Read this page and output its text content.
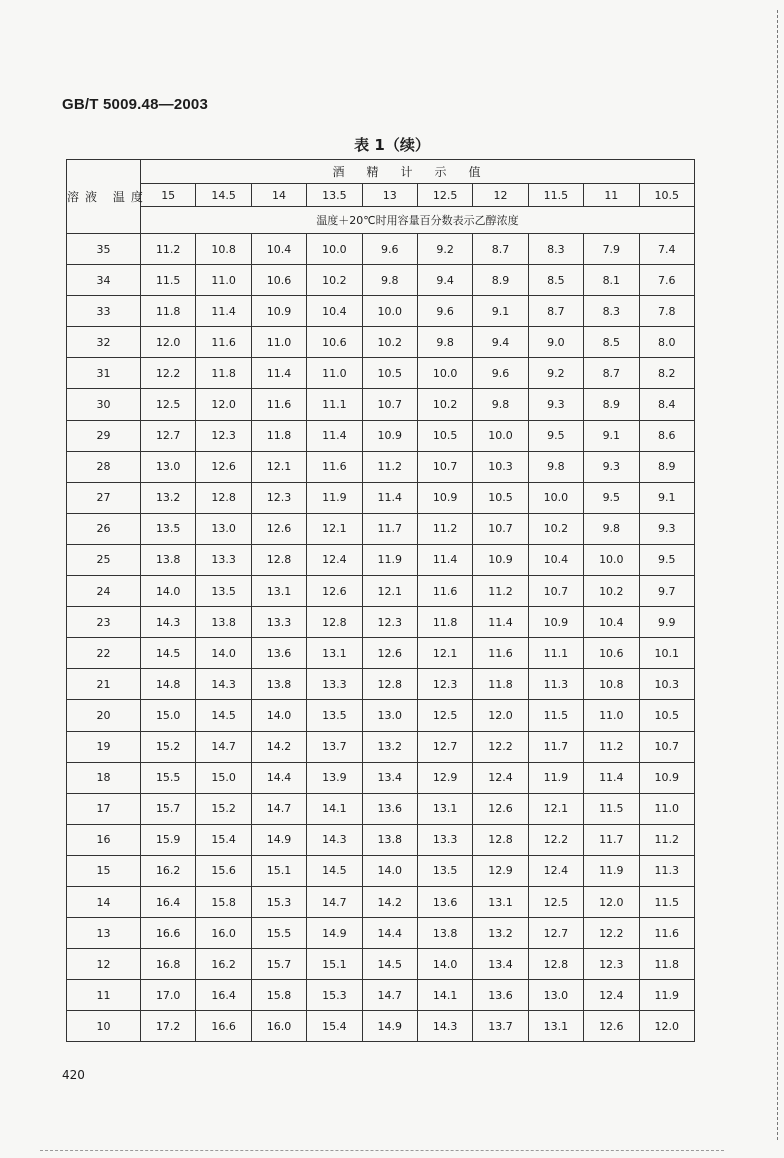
GB/T 5009.48—2003
表 1（续）
溶液 温度	酒精计示值									
	15	14.5	14	13.5	13	12.5	12	11.5	11	10.5
	温度＋20℃时用容量百分数表示乙醇浓度									
35	11.2	10.8	10.4	10.0	9.6	9.2	8.7	8.3	7.9	7.4
34	11.5	11.0	10.6	10.2	9.8	9.4	8.9	8.5	8.1	7.6
33	11.8	11.4	10.9	10.4	10.0	9.6	9.1	8.7	8.3	7.8
32	12.0	11.6	11.0	10.6	10.2	9.8	9.4	9.0	8.5	8.0
31	12.2	11.8	11.4	11.0	10.5	10.0	9.6	9.2	8.7	8.2
30	12.5	12.0	11.6	11.1	10.7	10.2	9.8	9.3	8.9	8.4
29	12.7	12.3	11.8	11.4	10.9	10.5	10.0	9.5	9.1	8.6
28	13.0	12.6	12.1	11.6	11.2	10.7	10.3	9.8	9.3	8.9
27	13.2	12.8	12.3	11.9	11.4	10.9	10.5	10.0	9.5	9.1
26	13.5	13.0	12.6	12.1	11.7	11.2	10.7	10.2	9.8	9.3
25	13.8	13.3	12.8	12.4	11.9	11.4	10.9	10.4	10.0	9.5
24	14.0	13.5	13.1	12.6	12.1	11.6	11.2	10.7	10.2	9.7
23	14.3	13.8	13.3	12.8	12.3	11.8	11.4	10.9	10.4	9.9
22	14.5	14.0	13.6	13.1	12.6	12.1	11.6	11.1	10.6	10.1
21	14.8	14.3	13.8	13.3	12.8	12.3	11.8	11.3	10.8	10.3
20	15.0	14.5	14.0	13.5	13.0	12.5	12.0	11.5	11.0	10.5
19	15.2	14.7	14.2	13.7	13.2	12.7	12.2	11.7	11.2	10.7
18	15.5	15.0	14.4	13.9	13.4	12.9	12.4	11.9	11.4	10.9
17	15.7	15.2	14.7	14.1	13.6	13.1	12.6	12.1	11.5	11.0
16	15.9	15.4	14.9	14.3	13.8	13.3	12.8	12.2	11.7	11.2
15	16.2	15.6	15.1	14.5	14.0	13.5	12.9	12.4	11.9	11.3
14	16.4	15.8	15.3	14.7	14.2	13.6	13.1	12.5	12.0	11.5
13	16.6	16.0	15.5	14.9	14.4	13.8	13.2	12.7	12.2	11.6
12	16.8	16.2	15.7	15.1	14.5	14.0	13.4	12.8	12.3	11.8
11	17.0	16.4	15.8	15.3	14.7	14.1	13.6	13.0	12.4	11.9
10	17.2	16.6	16.0	15.4	14.9	14.3	13.7	13.1	12.6	12.0
420
